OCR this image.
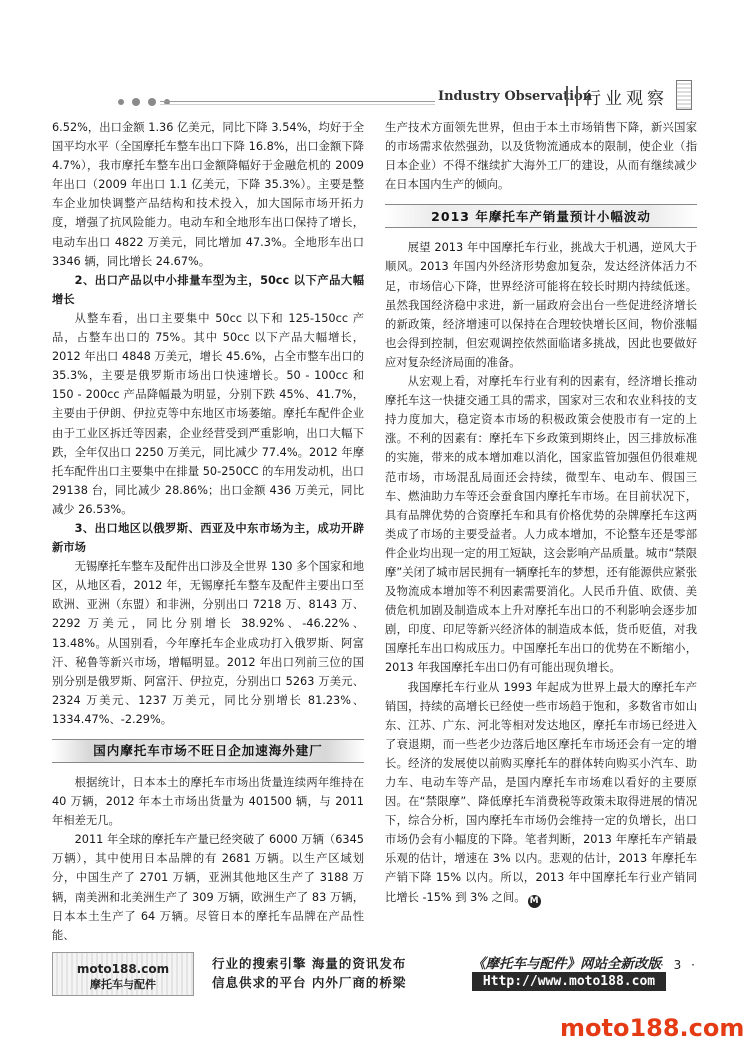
Industry Observation
行业观察

6.52%，出口金额 1.36 亿美元，同比下降 3.54%，均好于全国平均水平（全国摩托车整车出口下降 16.8%，出口金额下降 4.7%），我市摩托车整车出口金额降幅好于金融危机的 2009 年出口（2009 年出口 1.1 亿美元，下降 35.3%）。主要是整车企业加快调整产品结构和技术投入，加大国际市场开拓力度，增强了抗风险能力。电动车和全地形车出口保持了增长，电动车出口 4822 万美元，同比增加 47.3%。全地形车出口 3346 辆，同比增长 24.67%。

2、出口产品以中小排量车型为主，50cc 以下产品大幅增长

从整车看，出口主要集中 50cc 以下和 125-150cc 产品，占整车出口的 75%。其中 50cc 以下产品大幅增长，2012 年出口 4848 万美元，增长 45.6%，占全市整车出口的 35.3%，主要是俄罗斯市场出口快速增长。50 - 100cc 和 150 - 200cc 产品降幅最为明显，分别下跌 45%、41.7%，主要由于伊朗、伊拉克等中东地区市场萎缩。摩托车配件企业由于工业区拆迁等因素，企业经营受到严重影响，出口大幅下跌，全年仅出口 2250 万美元，同比减少 77.4%。2012 年摩托车配件出口主要集中在排量 50-250CC 的车用发动机，出口 29138 台，同比减少 28.86%；出口金额 436 万美元，同比减少 26.53%。

3、出口地区以俄罗斯、西亚及中东市场为主，成功开辟新市场

无锡摩托车整车及配件出口涉及全世界 130 多个国家和地区，从地区看，2012 年，无锡摩托车整车及配件主要出口至欧洲、亚洲（东盟）和非洲，分别出口 7218 万、8143 万、2292 万美元，同比分别增长 38.92%、-46.22%、13.48%。从国别看，今年摩托车企业成功打入俄罗斯、阿富汗、秘鲁等新兴市场，增幅明显。2012 年出口列前三位的国别分别是俄罗斯、阿富汗、伊拉克，分别出口 5263 万美元、2324 万美元、1237 万美元，同比分别增长 81.23%、1334.47%、-2.29%。

国内摩托车市场不旺日企加速海外建厂

根据统计，日本本土的摩托车市场出货量连续两年维持在 40 万辆，2012 年本土市场出货量为 401500 辆，与 2011 年相差无几。

2011 年全球的摩托车产量已经突破了 6000 万辆（6345 万辆），其中使用日本品牌的有 2681 万辆。以生产区域划分，中国生产了 2701 万辆，亚洲其他地区生产了 3188 万辆，南美洲和北美洲生产了 309 万辆，欧洲生产了 83 万辆，日本本土生产了 64 万辆。尽管日本的摩托车品牌在产品性能、

生产技术方面领先世界，但由于本土市场销售下降，新兴国家的市场需求依然强劲，以及货物流通成本的限制，使企业（指日本企业）不得不继续扩大海外工厂的建设，从而有继续减少在日本国内生产的倾向。

2013 年摩托车产销量预计小幅波动

展望 2013 年中国摩托车行业，挑战大于机遇，逆风大于顺风。2013 年国内外经济形势愈加复杂，发达经济体活力不足，市场信心下降，世界经济可能将在较长时期内持续低迷。虽然我国经济稳中求进，新一届政府会出台一些促进经济增长的新政策，经济增速可以保持在合理较快增长区间，物价涨幅也会得到控制，但宏观调控依然面临诸多挑战，因此也要做好应对复杂经济局面的准备。

从宏观上看，对摩托车行业有利的因素有，经济增长推动摩托车这一快捷交通工具的需求，国家对三农和农业科技的支持力度加大，稳定资本市场的积极政策会使股市有一定的上涨。不利的因素有：摩托车下乡政策到期终止，因三排放标准的实施，带来的成本增加难以消化，国家监管加强但仍很难规范市场，市场混乱局面还会持续，微型车、电动车、假国三车、燃油助力车等还会蚕食国内摩托车市场。在目前状况下，具有品牌优势的合资摩托车和具有价格优势的杂牌摩托车这两类成了市场的主要受益者。人力成本增加，不论整车还是零部件企业均出现一定的用工短缺，这会影响产品质量。城市“禁限摩”关闭了城市居民拥有一辆摩托车的梦想，还有能源供应紧张及物流成本增加等不利因素需要消化。人民币升值、欧债、美债危机加剧及制造成本上升对摩托车出口的不利影响会逐步加剧，印度、印尼等新兴经济体的制造成本低，货币贬值，对我国摩托车出口构成压力。中国摩托车出口的优势在不断缩小，2013 年我国摩托车出口仍有可能出现负增长。

我国摩托车行业从 1993 年起成为世界上最大的摩托车产销国，持续的高增长已经使一些市场趋于饱和，多数省市如山东、江苏、广东、河北等相对发达地区，摩托车市场已经进入了衰退期，而一些老少边落后地区摩托车市场还会有一定的增长。经济的发展使以前购买摩托车的群体转向购买小汽车、助力车、电动车等产品，是国内摩托车市场难以看好的主要原因。在“禁限摩”、降低摩托车消费税等政策未取得进展的情况下，综合分析，国内摩托车市场仍会维持一定的负增长，出口市场仍会有小幅度的下降。笔者判断，2013 年摩托车产销最乐观的估计，增速在 3% 以内。悲观的估计，2013 年摩托车产销下降 15% 以内。所以，2013 年中国摩托车行业产销同比增长 -15% 到 3% 之间。 M

moto188.com
摩托车与配件
行业的搜索引擎 海量的资讯发布
信息供求的平台 内外厂商的桥梁
《摩托车与配件》网站全新改版
Http://www.moto188.com
· 3 ·
moto188.com
